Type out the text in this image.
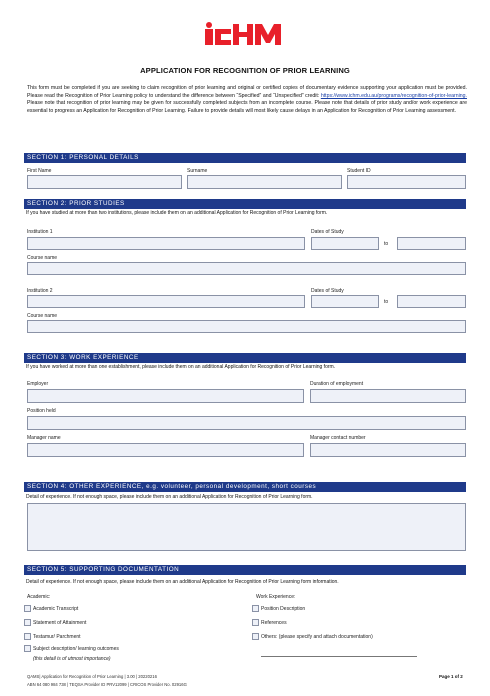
APPLICATION FOR RECOGNITION OF PRIOR LEARNING
This form must be completed if you are seeking to claim recognition of prior learning and original or certified copies of documentary evidence supporting your application must be provided. Please read the Recognition of Prior Learning policy to understand the difference between “Specified” and “Unspecified” credit: https://www.ichm.edu.au/programs/recognition-of-prior-learning. Please note that recognition of prior learning may be given for successfully completed subjects from an incomplete course. Please note that details of prior study and/or work experience are essential to progress an Application for Recognition of Prior Learning. Failure to provide details will most likely cause delays in an Application for Recognition of Prior Learning assessment.
SECTION 1: PERSONAL DETAILS
First Name	Surname	Student ID
SECTION 2: PRIOR STUDIES
If you have studied at more than two institutions, please include them on an additional Application for Recognition of Prior Learning form.
Institution 1	Dates of Study
to
Course name
Institution 2	Dates of Study
to
Course name
SECTION 3: WORK EXPERIENCE
If you have worked at more than one establishment, please include them on an additional Application for Recognition of Prior Learning form.
Employer	Duration of employment
Position held
Manager name	Manager contact number
SECTION 4: OTHER EXPERIENCE, e.g. volunteer, personal development, short courses
Detail of experience. If not enough space, please include them on an additional Application for Recognition of Prior Learning form.
SECTION 5: SUPPORTING DOCUMENTATION
Detail of experience. If not enough space, please include them on an additional Application for Recognition of Prior Learning form information.
Academic:
Academic Transcript
Statement of Attainment
Testamur/ Parchment
Subject description/ learning outcomes
(this detail is of utmost importance)
Work Experience:
Position Description
References
Others: (please specify and attach documentation)
QAMS| Application for Recognition of Prior Learning | 3.00 | 20220216
ABN 64 080 984 738 | TEQSA Provider ID PRV12099 | CRICOS Provider No. 02916G
Page 1 of 2
